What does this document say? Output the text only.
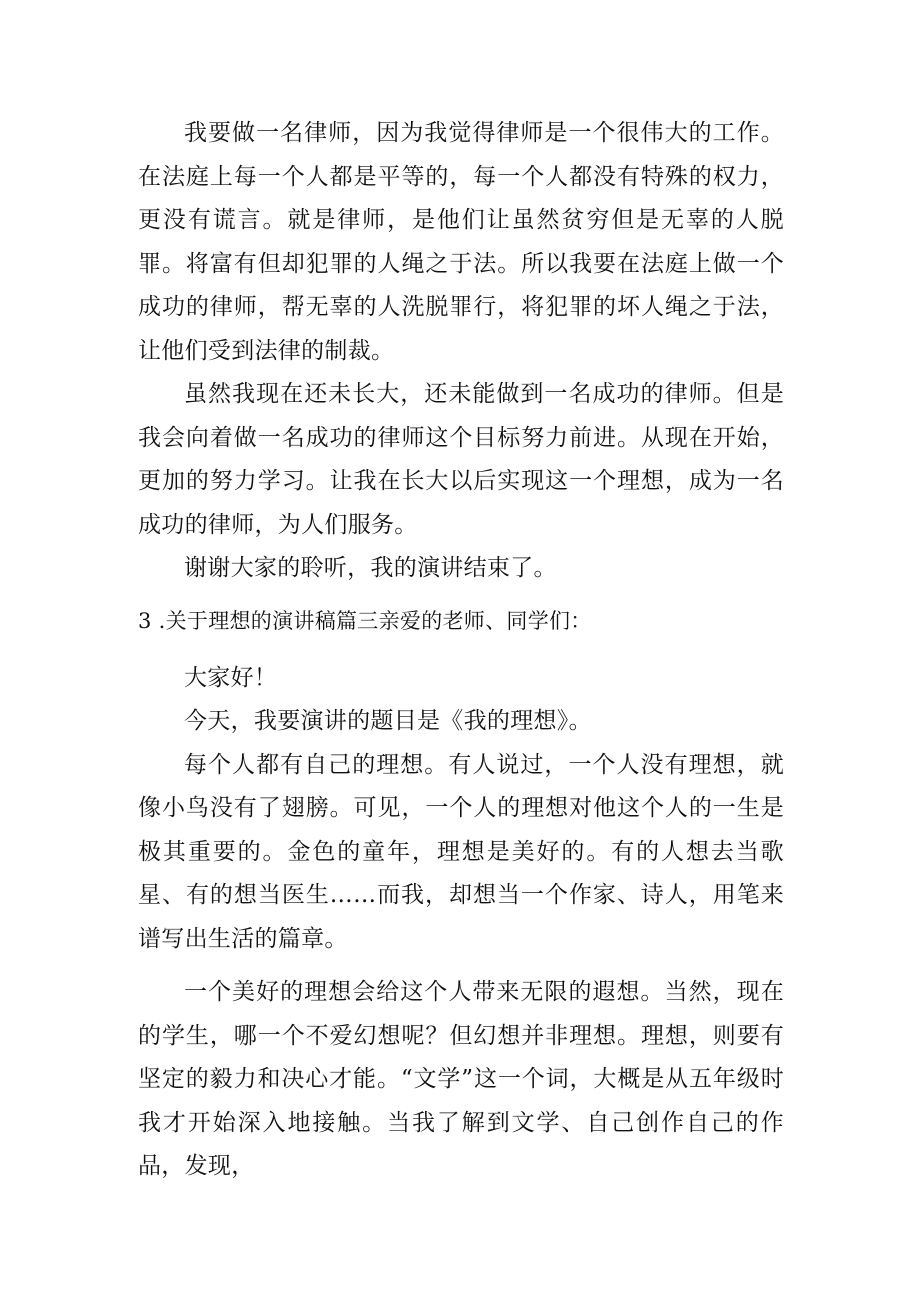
我要做一名律师，因为我觉得律师是一个很伟大的工作。在法庭上每一个人都是平等的，每一个人都没有特殊的权力，更没有谎言。就是律师，是他们让虽然贫穷但是无辜的人脱罪。将富有但却犯罪的人绳之于法。所以我要在法庭上做一个成功的律师，帮无辜的人洗脱罪行，将犯罪的坏人绳之于法，让他们受到法律的制裁。

虽然我现在还未长大，还未能做到一名成功的律师。但是我会向着做一名成功的律师这个目标努力前进。从现在开始，更加的努力学习。让我在长大以后实现这一个理想，成为一名成功的律师，为人们服务。

谢谢大家的聆听，我的演讲结束了。

3 .关于理想的演讲稿篇三亲爱的老师、同学们：

大家好！

今天，我要演讲的题目是《我的理想》。

每个人都有自己的理想。有人说过，一个人没有理想，就像小鸟没有了翅膀。可见，一个人的理想对他这个人的一生是极其重要的。金色的童年，理想是美好的。有的人想去当歌星、有的想当医生……而我，却想当一个作家、诗人，用笔来谱写出生活的篇章。

一个美好的理想会给这个人带来无限的遐想。当然，现在的学生，哪一个不爱幻想呢？但幻想并非理想。理想，则要有坚定的毅力和决心才能。“文学”这一个词，大概是从五年级时我才开始深入地接触。当我了解到文学、自己创作自己的作品，发现，
